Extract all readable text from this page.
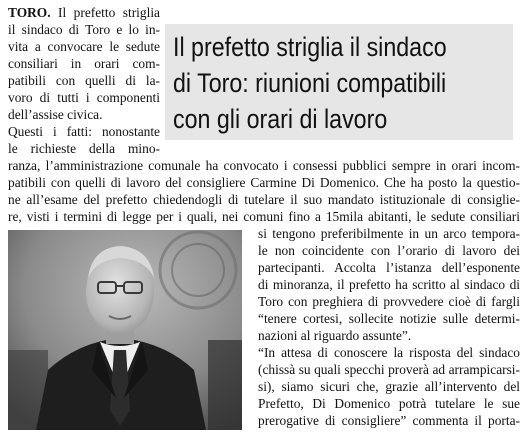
Il prefetto striglia il sindaco
di Toro: riunioni compatibili
con gli orari di lavoro
TORO. Il prefetto striglia
il sindaco di Toro e lo in-
vita a convocare le sedute
consiliari in orari com-
patibili con quelli di la-
voro di tutti i componenti
dell’assise civica.
Questi i fatti: nonostante
le richieste della mino-
ranza, l’amministrazione comunale ha convocato i consessi pubblici sempre in orari incom-
patibili con quelli di lavoro del consigliere Carmine Di Domenico. Che ha posto la questio-
ne all’esame del prefetto chiedendogli di tutelare il suo mandato istituzionale di consiglie-
re, visti i termini di legge per i quali, nei comuni fino a 15mila abitanti, le sedute consiliari
si tengono preferibilmente in un arco tempora-
le non coincidente con l’orario di lavoro dei
partecipanti. Accolta l’istanza dell’esponente
di minoranza, il prefetto ha scritto al sindaco di
Toro con preghiera di provvedere cioè di fargli
“tenere cortesi, sollecite notizie sulle determi-
nazioni al riguardo assunte”.
“In attesa di conoscere la risposta del sindaco
(chissà su quali specchi proverà ad arrampicarsi-
si), siamo sicuri che, grazie all’intervento del
Prefetto, Di Domenico potrà tutelare le sue
prerogative di consigliere” commenta il porta-
